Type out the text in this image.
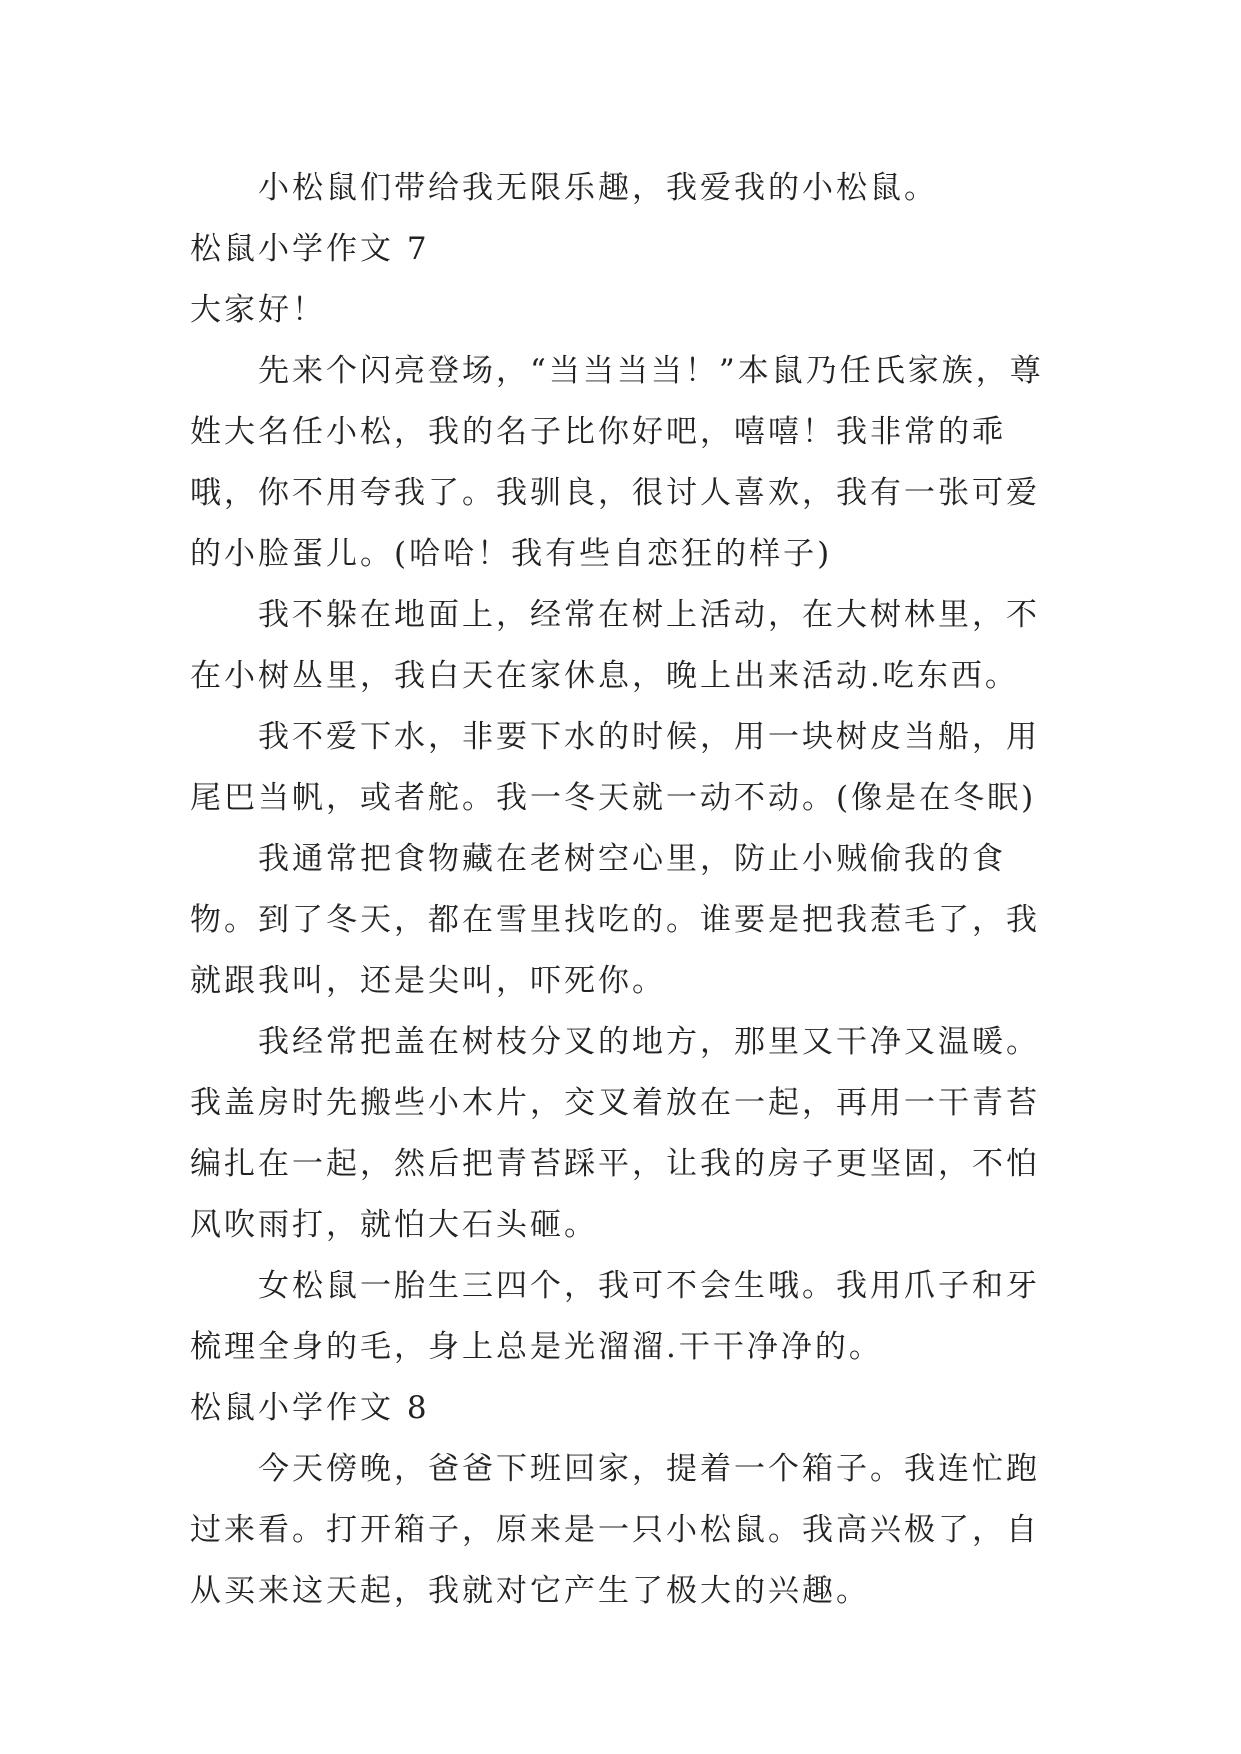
小松鼠们带给我无限乐趣，我爱我的小松鼠。

松鼠小学作文 7

大家好！

先来个闪亮登场，“当当当当！”本鼠乃任氏家族，尊姓大名任小松，我的名子比你好吧，嘻嘻！我非常的乖哦，你不用夸我了。我驯良，很讨人喜欢，我有一张可爱的小脸蛋儿。(哈哈！我有些自恋狂的样子)

我不躲在地面上，经常在树上活动，在大树林里，不在小树丛里，我白天在家休息，晚上出来活动.吃东西。

我不爱下水，非要下水的时候，用一块树皮当船，用尾巴当帆，或者舵。我一冬天就一动不动。(像是在冬眠)

我通常把食物藏在老树空心里，防止小贼偷我的食物。到了冬天，都在雪里找吃的。谁要是把我惹毛了，我就跟我叫，还是尖叫，吓死你。

我经常把盖在树枝分叉的地方，那里又干净又温暖。我盖房时先搬些小木片，交叉着放在一起，再用一干青苔编扎在一起，然后把青苔踩平，让我的房子更坚固，不怕风吹雨打，就怕大石头砸。

女松鼠一胎生三四个，我可不会生哦。我用爪子和牙梳理全身的毛，身上总是光溜溜.干干净净的。

松鼠小学作文 8

今天傍晚，爸爸下班回家，提着一个箱子。我连忙跑过来看。打开箱子，原来是一只小松鼠。我高兴极了，自从买来这天起，我就对它产生了极大的兴趣。
